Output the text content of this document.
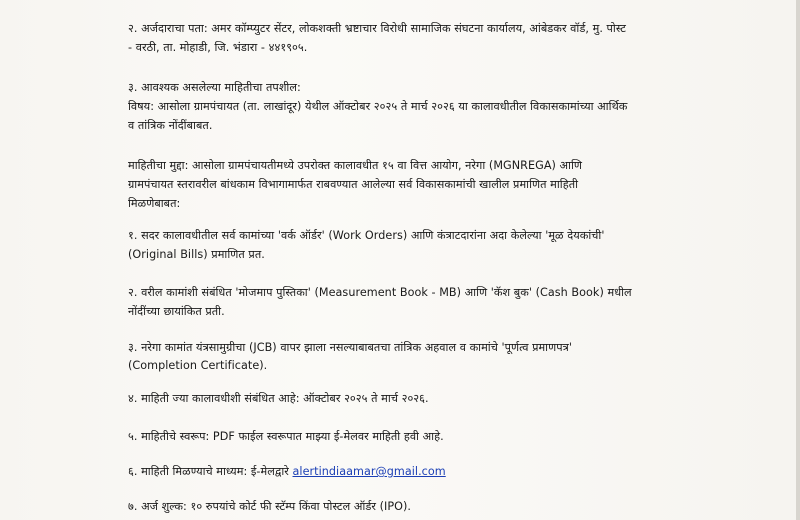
२. अर्जदाराचा पता: अमर कॉम्प्युटर सेंटर, लोकशक्ती भ्रष्टाचार विरोधी सामाजिक संघटना कार्यालय, आंबेडकर वॉर्ड, मु. पोस्ट
- वरठी, ता. मोहाडी, जि. भंडारा - ४४१९०५.
३. आवश्यक असलेल्या माहितीचा तपशील:
विषय: आसोला ग्रामपंचायत (ता. लाखांदूर) येथील ऑक्टोबर २०२५ ते मार्च २०२६ या कालावधीतील विकासकामांच्या आर्थिक
व तांत्रिक नोंदींबाबत.
माहितीचा मुद्दा: आसोला ग्रामपंचायतीमध्ये उपरोक्त कालावधीत १५ वा वित्त आयोग, नरेगा (MGNREGA) आणि
ग्रामपंचायत स्तरावरील बांधकाम विभागामार्फत राबवण्यात आलेल्या सर्व विकासकामांची खालील प्रमाणित माहिती
मिळणेबाबत:
१. सदर कालावधीतील सर्व कामांच्या 'वर्क ऑर्डर' (Work Orders) आणि कंत्राटदारांना अदा केलेल्या 'मूळ देयकांची'
(Original Bills) प्रमाणित प्रत.
२. वरील कामांशी संबंधित 'मोजमाप पुस्तिका' (Measurement Book - MB) आणि 'कॅश बुक' (Cash Book) मधील
नोंदींच्या छायांकित प्रती.
३. नरेगा कामांत यंत्रसामुग्रीचा (JCB) वापर झाला नसल्याबाबतचा तांत्रिक अहवाल व कामांचे 'पूर्णत्व प्रमाणपत्र'
(Completion Certificate).
४. माहिती ज्या कालावधीशी संबंधित आहे: ऑक्टोबर २०२५ ते मार्च २०२६.
५. माहितीचे स्वरूप: PDF फाईल स्वरूपात माझ्या ई-मेलवर माहिती हवी आहे.
६. माहिती मिळण्याचे माध्यम: ई-मेलद्वारे alertindiaamar@gmail.com
७. अर्ज शुल्क: १० रुपयांचे कोर्ट फी स्टॅम्प किंवा पोस्टल ऑर्डर (IPO).
